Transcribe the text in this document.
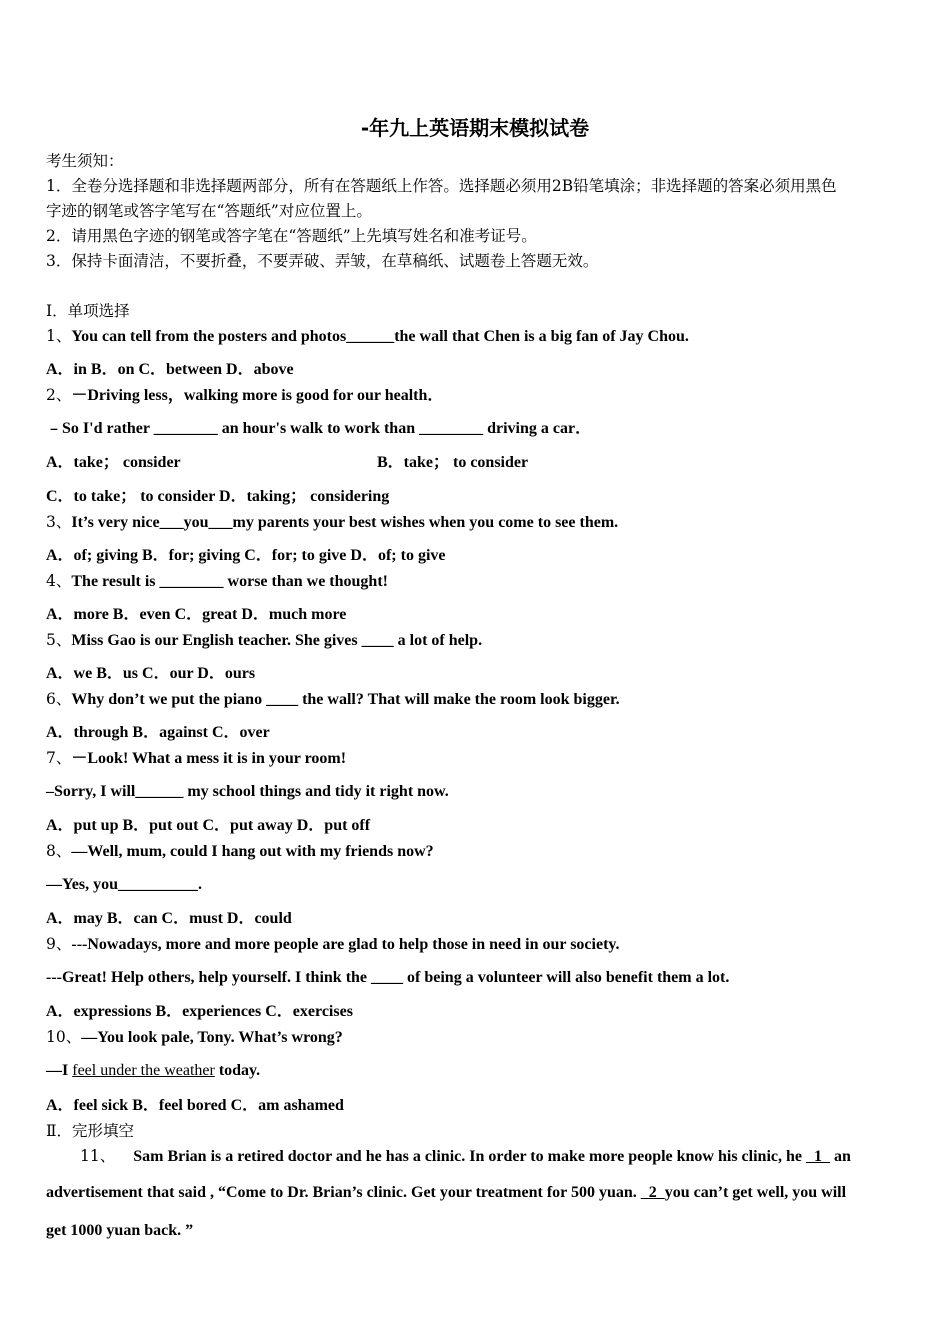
-年九上英语期末模拟试卷
考生须知：
1．全卷分选择题和非选择题两部分，所有在答题纸上作答。选择题必须用2B铅笔填涂；非选择题的答案必须用黑色
字迹的钢笔或答字笔写在“答题纸”对应位置上。
2．请用黑色字迹的钢笔或答字笔在“答题纸”上先填写姓名和准考证号。
3．保持卡面清洁，不要折叠，不要弄破、弄皱，在草稿纸、试题卷上答题无效。
Ⅰ．单项选择
1、You can tell from the posters and photos______the wall that Chen is a big fan of Jay Chou.
A．in B．on C．between D．above
2、－Driving less，walking more is good for our health．
﹣So I'd rather ________ an hour's walk to work than ________ driving a car．
A．take； consider	B．take； to consider
C．to take； to consider D．taking； considering
3、It’s very nice___you___my parents your best wishes when you come to see them.
A．of; giving B．for; giving C．for; to give D．of; to give
4、The result is ________ worse than we thought!
A．more B．even C．great D．much more
5、Miss Gao is our English teacher. She gives ____ a lot of help.
A．we B．us C．our D．ours
6、Why don’t we put the piano ____ the wall? That will make the room look bigger.
A．through B．against C．over
7、－Look! What a mess it is in your room!
–Sorry, I will______ my school things and tidy it right now.
A．put up B．put out C．put away D．put off
8、—Well, mum, could I hang out with my friends now?
—Yes, you__________.
A．may B．can C．must D．could
9、---Nowadays, more and more people are glad to help those in need in our society.
---Great! Help others, help yourself. I think the ____ of being a volunteer will also benefit them a lot.
A．expressions B．experiences C．exercises
10、—You look pale, Tony. What’s wrong?
—I feel under the weather today.
A．feel sick B．feel bored C．am ashamed
Ⅱ．完形填空
11、 Sam Brian is a retired doctor and he has a clinic. In order to make more people know his clinic, he   1   an
advertisement that said , “Come to Dr. Brian’s clinic. Get your treatment for 500 yuan.   2  you can’t get well, you will
get 1000 yuan back. ”
